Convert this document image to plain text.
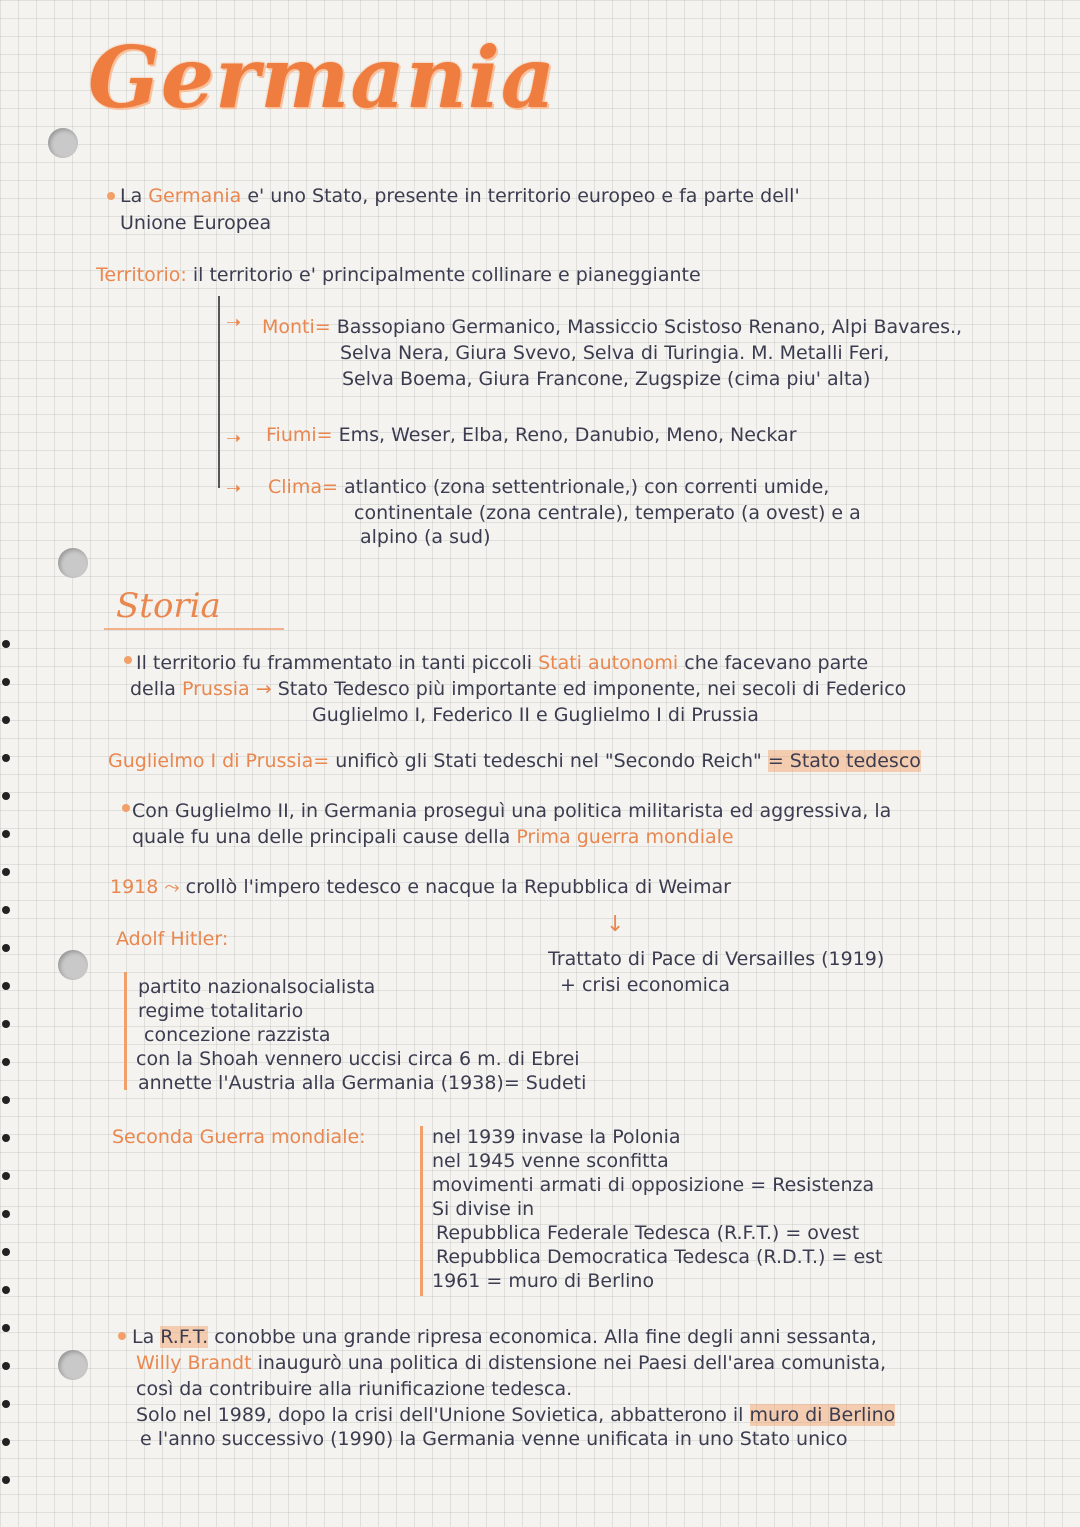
Germania
La Germania e' uno Stato, presente in territorio europeo e fa parte dell'
Unione Europea
Territorio: il territorio e' principalmente collinare e pianeggiante
➝ Monti= Bassopiano Germanico, Massiccio Scistoso Renano, Alpi Bavares.,
Selva Nera, Giura Svevo, Selva di Turingia. M. Metalli Feri,
Selva Boema, Giura Francone, Zugspize (cima piu' alta)
➝ Fiumi= Ems, Weser, Elba, Reno, Danubio, Meno, Neckar
➝ Clima= atlantico (zona settentrionale,) con correnti umide,
continentale (zona centrale), temperato (a ovest) e a
alpino (a sud)
Storia
Il territorio fu frammentato in tanti piccoli Stati autonomi che facevano parte
della Prussia → Stato Tedesco più importante ed imponente, nei secoli di Federico
Guglielmo I, Federico II e Guglielmo I di Prussia
Guglielmo I di Prussia= unificò gli Stati tedeschi nel "Secondo Reich" = Stato tedesco
Con Guglielmo II, in Germania proseguì una politica militarista ed aggressiva, la
quale fu una delle principali cause della Prima guerra mondiale
1918 ⤳ crollò l'impero tedesco e nacque la Repubblica di Weimar
↓
Trattato di Pace di Versailles (1919)
+ crisi economica
Adolf Hitler:
partito nazionalsocialista
regime totalitario
concezione razzista
con la Shoah vennero uccisi circa 6 m. di Ebrei
annette l'Austria alla Germania (1938)= Sudeti
Seconda Guerra mondiale:	nel 1939 invase la Polonia
nel 1945 venne sconfitta
movimenti armati di opposizione = Resistenza
Si divise in
Repubblica Federale Tedesca (R.F.T.) = ovest
Repubblica Democratica Tedesca (R.D.T.) = est
1961 = muro di Berlino
La R.F.T. conobbe una grande ripresa economica. Alla fine degli anni sessanta,
Willy Brandt inaugurò una politica di distensione nei Paesi dell'area comunista,
così da contribuire alla riunificazione tedesca.
Solo nel 1989, dopo la crisi dell'Unione Sovietica, abbatterono il muro di Berlino
e l'anno successivo (1990) la Germania venne unificata in uno Stato unico
